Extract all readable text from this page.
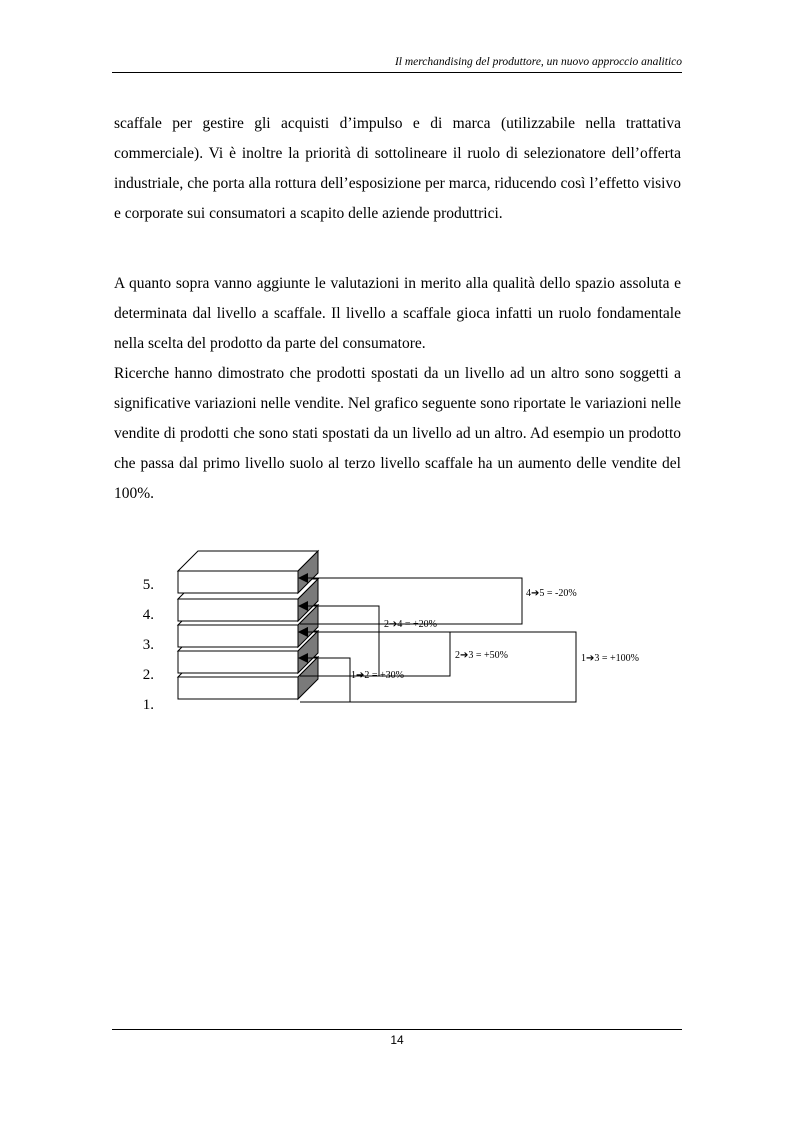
Il merchandising del produttore, un nuovo approccio analitico

scaffale per gestire gli acquisti d’impulso e di marca (utilizzabile nella trattativa commerciale). Vi è inoltre la priorità di sottolineare il ruolo di selezionatore dell’offerta industriale, che porta alla rottura dell’esposizione per marca, riducendo così l’effetto visivo e corporate sui consumatori a scapito delle aziende produttrici.

A quanto sopra vanno aggiunte le valutazioni in merito alla qualità dello spazio assoluta e determinata dal livello a scaffale. Il livello a scaffale gioca infatti un ruolo fondamentale nella scelta del prodotto da parte del consumatore.

Ricerche hanno dimostrato che prodotti spostati da un livello ad un altro sono soggetti a significative variazioni nelle vendite. Nel grafico seguente sono riportate le variazioni nelle vendite di prodotti che sono stati spostati da un livello ad un altro. Ad esempio un prodotto che passa dal primo livello suolo al terzo livello scaffale ha un aumento delle vendite del 100%.

5.
4.
3.
2.
1.
4➔5 = -20%
2➔4 = +20%
2➔3 = +50%	1➔3 = +100%
1➔2 = +30%
14
